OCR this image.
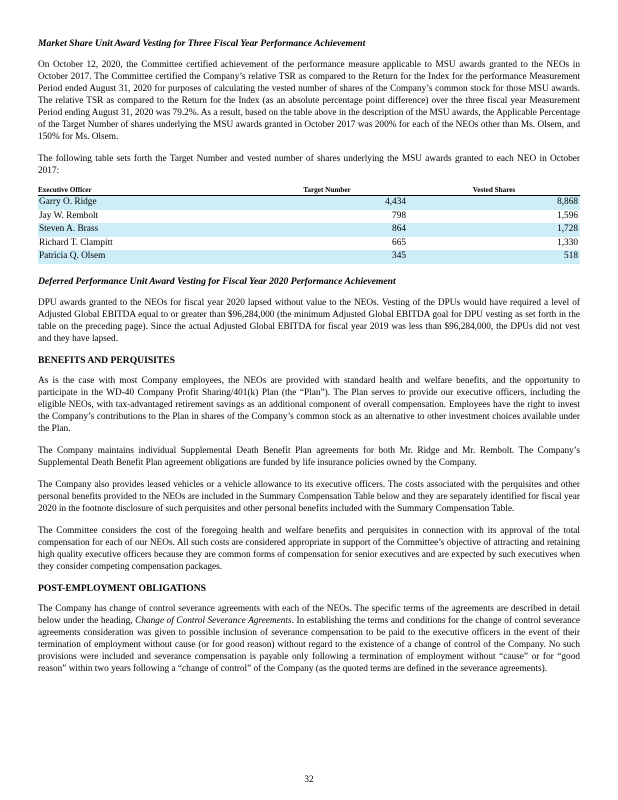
Market Share Unit Award Vesting for Three Fiscal Year Performance Achievement

On October 12, 2020, the Committee certified achievement of the performance measure applicable to MSU awards granted to the NEOs in October 2017. The Committee certified the Company’s relative TSR as compared to the Return for the Index for the performance Measurement Period ended August 31, 2020 for purposes of calculating the vested number of shares of the Company’s common stock for those MSU awards. The relative TSR as compared to the Return for the Index (as an absolute percentage point difference) over the three fiscal year Measurement Period ending August 31, 2020 was 79.2%. As a result, based on the table above in the description of the MSU awards, the Applicable Percentage of the Target Number of shares underlying the MSU awards granted in October 2017 was 200% for each of the NEOs other than Ms. Olsem, and 150% for Ms. Olsem.

The following table sets forth the Target Number and vested number of shares underlying the MSU awards granted to each NEO in October 2017:

Executive Officer	Target Number	Vested Shares
Garry O. Ridge	4,434	8,868
Jay W. Rembolt	798	1,596
Steven A. Brass	864	1,728
Richard T. Clampitt	665	1,330
Patricia Q. Olsem	345	518
Deferred Performance Unit Award Vesting for Fiscal Year 2020 Performance Achievement

DPU awards granted to the NEOs for fiscal year 2020 lapsed without value to the NEOs. Vesting of the DPUs would have required a level of Adjusted Global EBITDA equal to or greater than $96,284,000 (the minimum Adjusted Global EBITDA goal for DPU vesting as set forth in the table on the preceding page). Since the actual Adjusted Global EBITDA for fiscal year 2019 was less than $96,284,000, the DPUs did not vest and they have lapsed.

BENEFITS AND PERQUISITES

As is the case with most Company employees, the NEOs are provided with standard health and welfare benefits, and the opportunity to participate in the WD-40 Company Profit Sharing/401(k) Plan (the “Plan”). The Plan serves to provide our executive officers, including the eligible NEOs, with tax-advantaged retirement savings as an additional component of overall compensation. Employees have the right to invest the Company’s contributions to the Plan in shares of the Company’s common stock as an alternative to other investment choices available under the Plan.

The Company maintains individual Supplemental Death Benefit Plan agreements for both Mr. Ridge and Mr. Rembolt. The Company’s Supplemental Death Benefit Plan agreement obligations are funded by life insurance policies owned by the Company.

The Company also provides leased vehicles or a vehicle allowance to its executive officers. The costs associated with the perquisites and other personal benefits provided to the NEOs are included in the Summary Compensation Table below and they are separately identified for fiscal year 2020 in the footnote disclosure of such perquisites and other personal benefits included with the Summary Compensation Table.

The Committee considers the cost of the foregoing health and welfare benefits and perquisites in connection with its approval of the total compensation for each of our NEOs. All such costs are considered appropriate in support of the Committee’s objective of attracting and retaining high quality executive officers because they are common forms of compensation for senior executives and are expected by such executives when they consider competing compensation packages.

POST-EMPLOYMENT OBLIGATIONS

The Company has change of control severance agreements with each of the NEOs. The specific terms of the agreements are described in detail below under the heading, Change of Control Severance Agreements. In establishing the terms and conditions for the change of control severance agreements consideration was given to possible inclusion of severance compensation to be paid to the executive officers in the event of their termination of employment without cause (or for good reason) without regard to the existence of a change of control of the Company. No such provisions were included and severance compensation is payable only following a termination of employment without “cause” or for “good reason” within two years following a “change of control” of the Company (as the quoted terms are defined in the severance agreements).

32
